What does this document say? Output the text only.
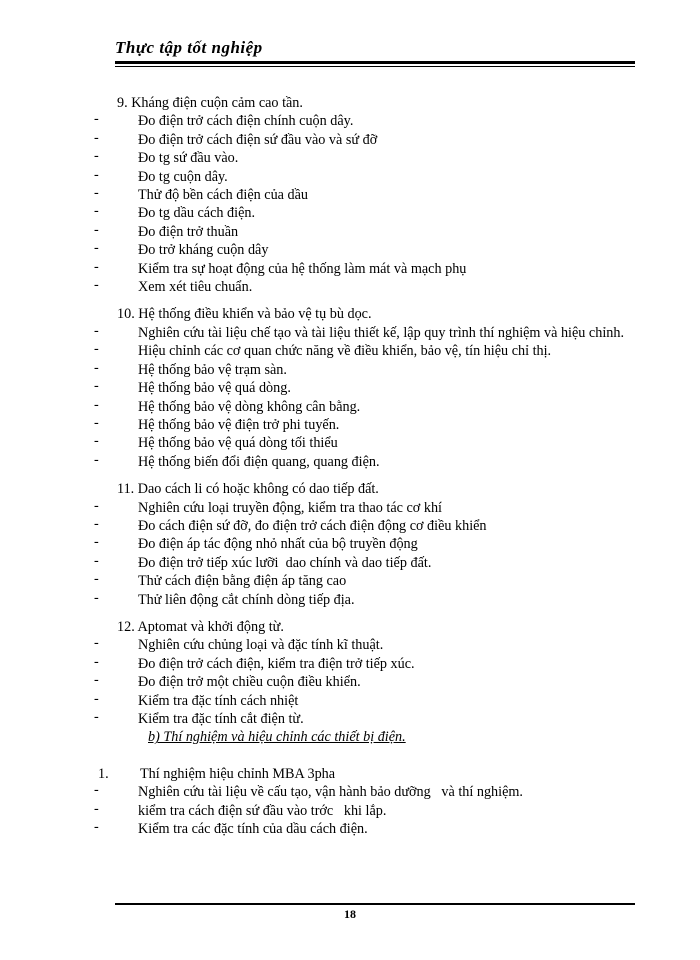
Thực tập tốt nghiệp
9. Kháng điện cuộn cảm cao tần.
-	Đo điện trở cách điện chính cuộn dây.
-	Đo điện trở cách điện sứ đầu vào và sứ đỡ
-	Đo tg sứ đầu vào.
-	Đo tg cuộn dây.
-	Thử độ bền cách điện của dầu
-	Đo tg dầu cách điện.
-	Đo điện trở thuần
-	Đo trở kháng cuộn dây
-	Kiểm tra sự hoạt động của hệ thống làm mát và mạch phụ
-	Xem xét tiêu chuẩn.
10. Hệ thống điều khiển và bảo vệ tụ bù dọc.
-	Nghiên cứu tài liệu chế tạo và tài liệu thiết kế, lập quy trình thí nghiệm và hiệu chỉnh.
-	Hiệu chỉnh các cơ quan chức năng về điều khiển, bảo vệ, tín hiệu chỉ thị.
-	Hệ thống bảo vệ trạm sàn.
-	Hệ thống bảo vệ quá dòng.
-	Hệ thống bảo vệ dòng không cân bằng.
-	Hệ thống bảo vệ điện trở phi tuyến.
-	Hệ thống bảo vệ quá dòng tối thiểu
-	Hệ thống biến đổi điện quang, quang điện.
11. Dao cách li có hoặc không có dao tiếp đất.
-	Nghiên cứu loại truyền động, kiểm tra thao tác cơ khí
-	Đo cách điện sứ đỡ, đo điện trở cách điện động cơ điều khiển
-	Đo điện áp tác động nhỏ nhất của bộ truyền động
-	Đo điện trở tiếp xúc lưỡi  dao chính và dao tiếp đất.
-	Thử cách điện bằng điện áp tăng cao
-	Thử liên động cắt chính dòng tiếp địa.
12. Aptomat và khởi động từ.
-	Nghiên cứu chủng loại và đặc tính kĩ thuật.
-	Đo điện trở cách điện, kiểm tra điện trở tiếp xúc.
-	Đo điện trở một chiều cuộn điều khiển.
-	Kiểm tra đặc tính cách nhiệt
-	Kiểm tra đặc tính cắt điện từ.
b) Thí nghiệm và hiệu chỉnh các thiết bị điện.
1. Thí nghiệm hiệu chỉnh MBA 3pha
-	Nghiên cứu tài liệu về cấu tạo, vận hành bảo dưỡng   và thí nghiệm.
-	kiểm tra cách điện sứ đầu vào trớc   khi lắp.
-	Kiểm tra các đặc tính của dầu cách điện.
18
